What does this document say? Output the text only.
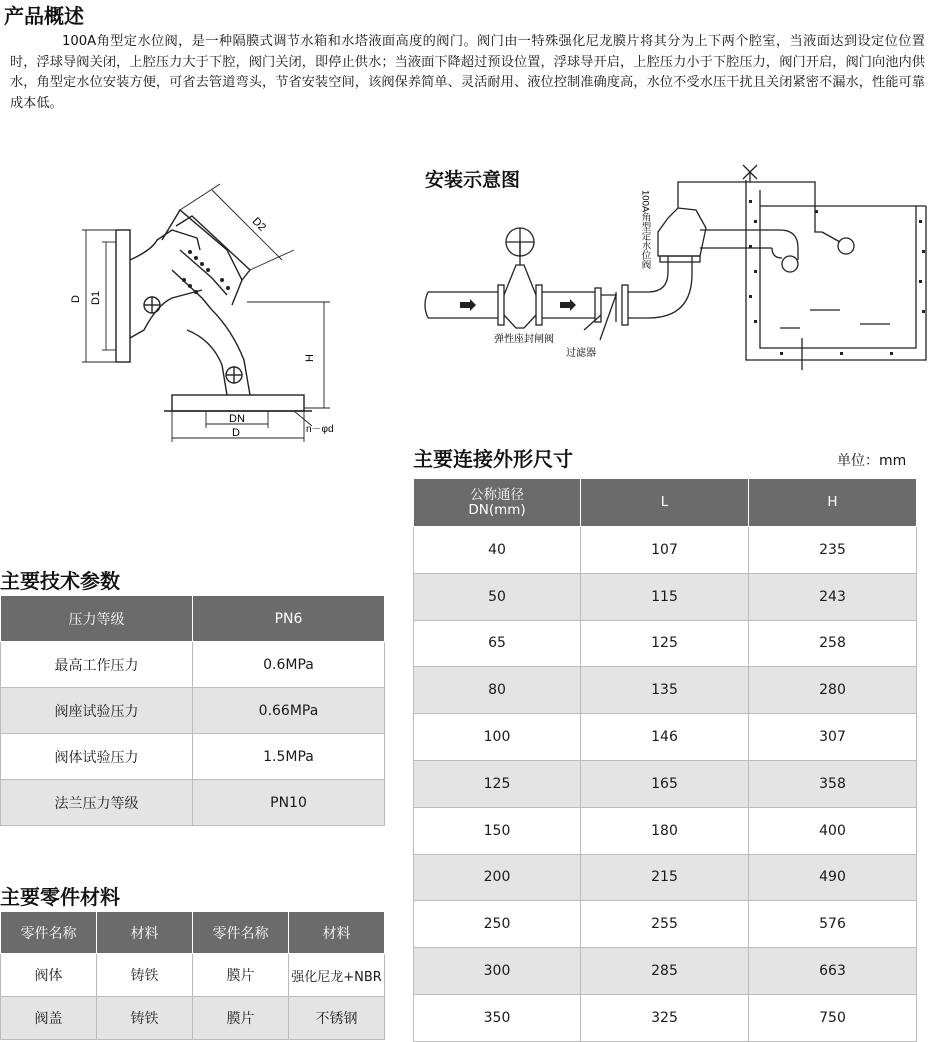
产品概述

100A角型定水位阀，是一种隔膜式调节水箱和水塔液面高度的阀门。阀门由一特殊强化尼龙膜片将其分为上下两个腔室，当液面达到设定位位置时，浮球导阀关闭，上腔压力大于下腔，阀门关闭，即停止供水；当液面下降超过预设位置，浮球导开启，上腔压力小于下腔压力，阀门开启，阀门向池内供水，角型定水位安装方便，可省去管道弯头，节省安装空间，该阀保养简单、灵活耐用、液位控制准确度高，水位不受水压干扰且关闭紧密不漏水，性能可靠成本低。

D D1
D2
H
DN
D	n－φd
100A角型定水位阀
弹性座封闸阀
过滤器
安装示意图
主要技术参数
压力等级	PN6
最高工作压力	0.6MPa
阀座试验压力	0.66MPa
阀体试验压力	1.5MPa
法兰压力等级	PN10
主要零件材料
零件名称	材料	零件名称	材料
阀体	铸铁	膜片	强化尼龙+NBR
阀盖	铸铁	膜片	不锈钢
主要连接外形尺寸	单位：mm
公称通径
DN(mm)	L	H
40	107	235
50	115	243
65	125	258
80	135	280
100	146	307
125	165	358
150	180	400
200	215	490
250	255	576
300	285	663
350	325	750
